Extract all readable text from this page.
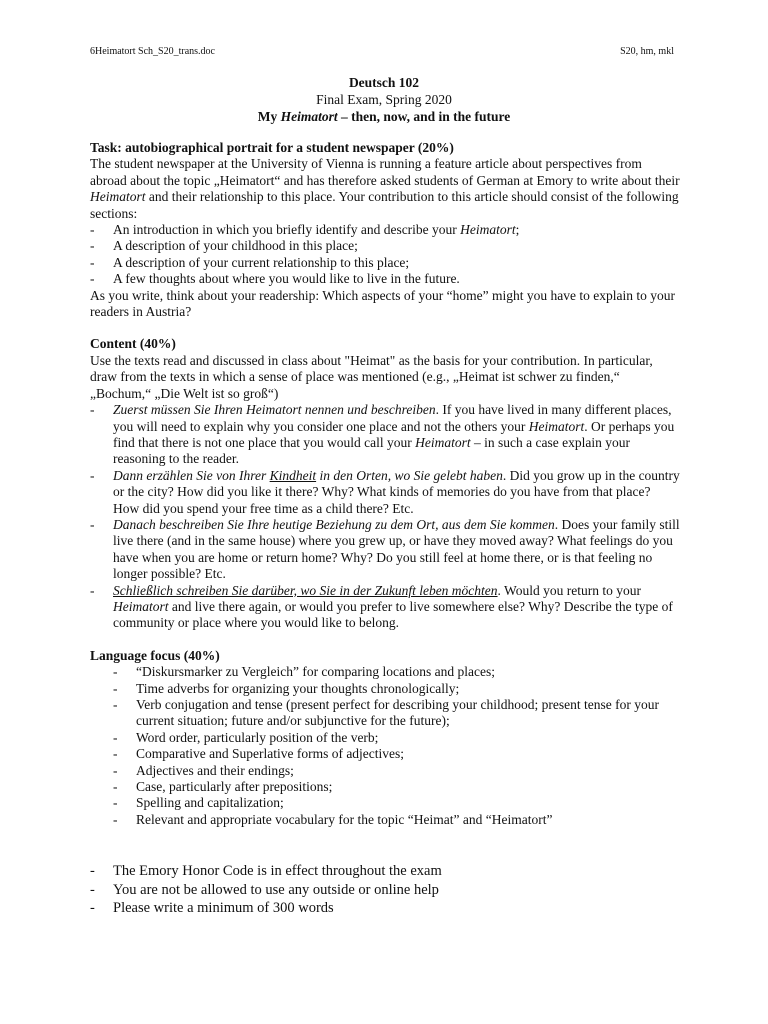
6Heimatort Sch_S20_trans.doc	S20, hm, mkl
Deutsch 102
Final Exam, Spring 2020
My Heimatort – then, now, and in the future
Task: autobiographical portrait for a student newspaper (20%)

The student newspaper at the University of Vienna is running a feature article about perspectives from abroad about the topic „Heimatort“ and has therefore asked students of German at Emory to write about their Heimatort and their relationship to this place. Your contribution to this article should consist of the following sections:

- An introduction in which you briefly identify and describe your Heimatort;
- A description of your childhood in this place;
- A description of your current relationship to this place;
- A few thoughts about where you would like to live in the future.

As you write, think about your readership: Which aspects of your “home” might you have to explain to your readers in Austria?

Content (40%)

Use the texts read and discussed in class about "Heimat" as the basis for your contribution. In particular, draw from the texts in which a sense of place was mentioned (e.g., „Heimat ist schwer zu finden,“ „Bochum,“ „Die Welt ist so groß“)

- Zuerst müssen Sie Ihren Heimatort nennen und beschreiben. If you have lived in many different places, you will need to explain why you consider one place and not the others your Heimatort. Or perhaps you find that there is not one place that you would call your Heimatort – in such a case explain your reasoning to the reader.
- Dann erzählen Sie von Ihrer Kindheit in den Orten, wo Sie gelebt haben. Did you grow up in the country or the city? How did you like it there? Why? What kinds of memories do you have from that place? How did you spend your free time as a child there? Etc.
- Danach beschreiben Sie Ihre heutige Beziehung zu dem Ort, aus dem Sie kommen. Does your family still live there (and in the same house) where you grew up, or have they moved away? What feelings do you have when you are home or return home? Why? Do you still feel at home there, or is that feeling no longer possible? Etc.
- Schließlich schreiben Sie darüber, wo Sie in der Zukunft leben möchten. Would you return to your Heimatort and live there again, or would you prefer to live somewhere else? Why? Describe the type of community or place where you would like to belong.
Language focus (40%)
- “Diskursmarker zu Vergleich” for comparing locations and places;
- Time adverbs for organizing your thoughts chronologically;
- Verb conjugation and tense (present perfect for describing your childhood; present tense for your current situation; future and/or subjunctive for the future);
- Word order, particularly position of the verb;
- Comparative and Superlative forms of adjectives;
- Adjectives and their endings;
- Case, particularly after prepositions;
- Spelling and capitalization;
- Relevant and appropriate vocabulary for the topic “Heimat” and “Heimatort”
- The Emory Honor Code is in effect throughout the exam
- You are not be allowed to use any outside or online help
- Please write a minimum of 300 words
